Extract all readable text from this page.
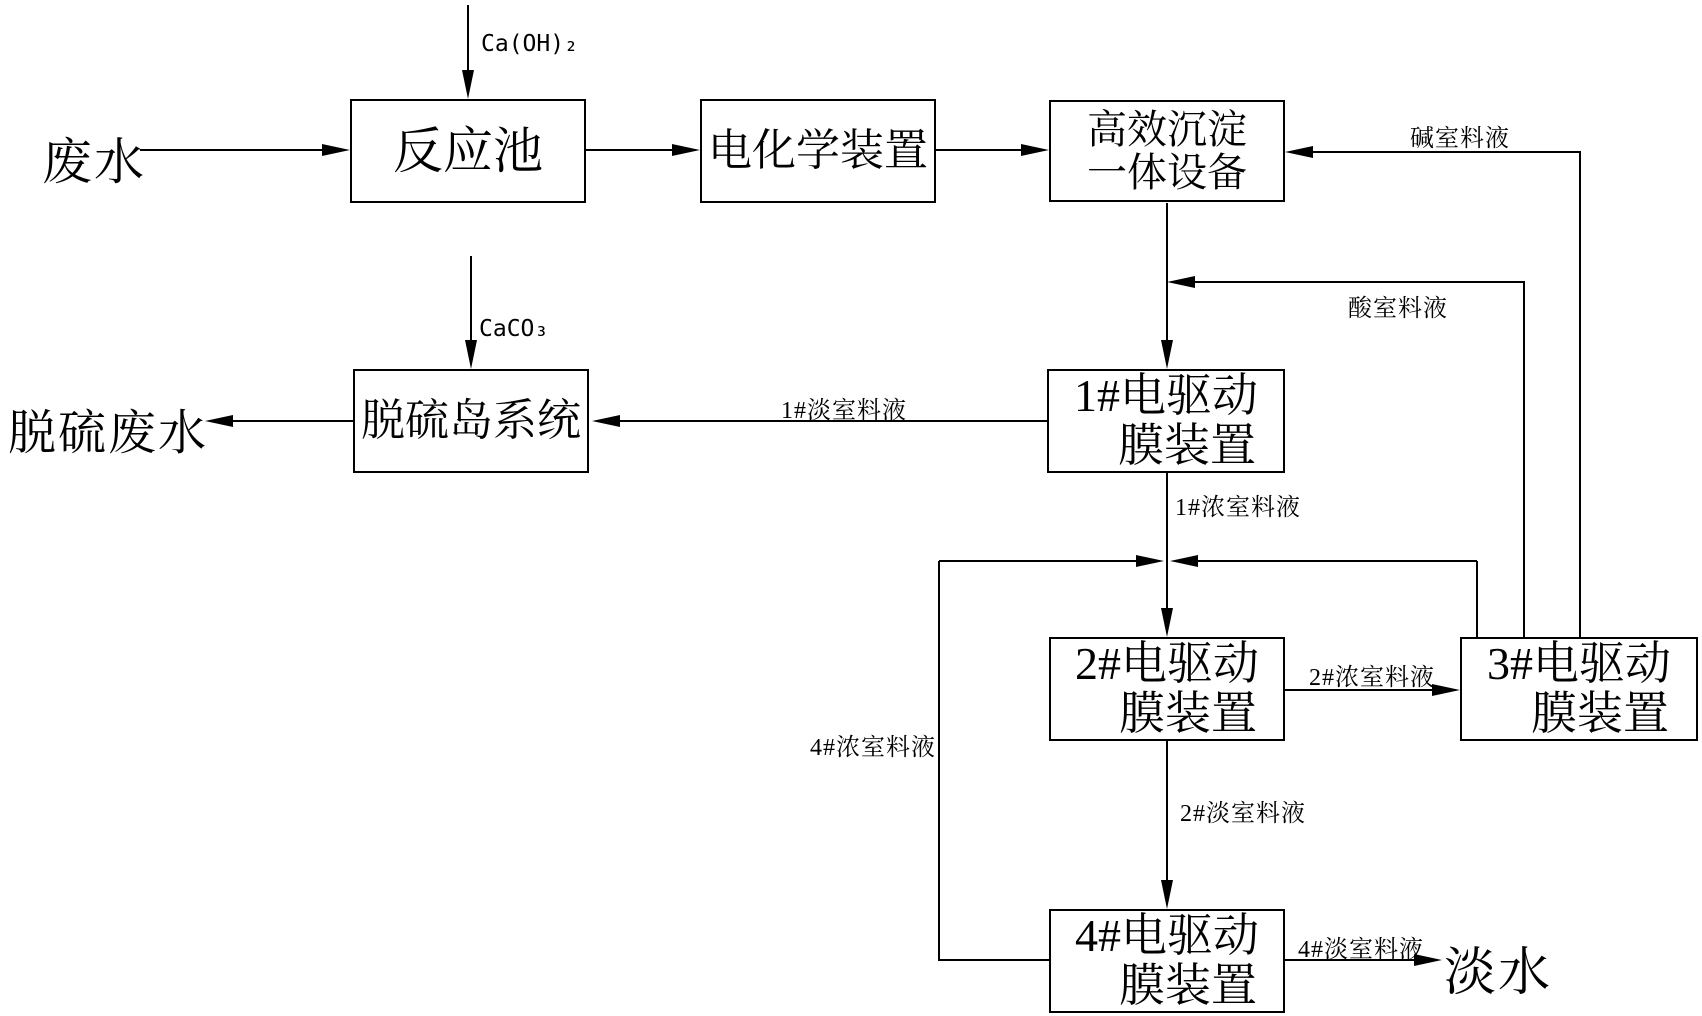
反应池	电化学装置	高效沉淀
一体设备
脱硫岛系统	1#电驱动
膜装置
2#电驱动
膜装置
3#电驱动
膜装置
4#电驱动
膜装置
废水
脱硫废水
淡水
Ca(OH)₂
CaCO₃
碱室料液
酸室料液
1#淡室料液
1#浓室料液
2#浓室料液
2#淡室料液
4#浓室料液
4#淡室料液
